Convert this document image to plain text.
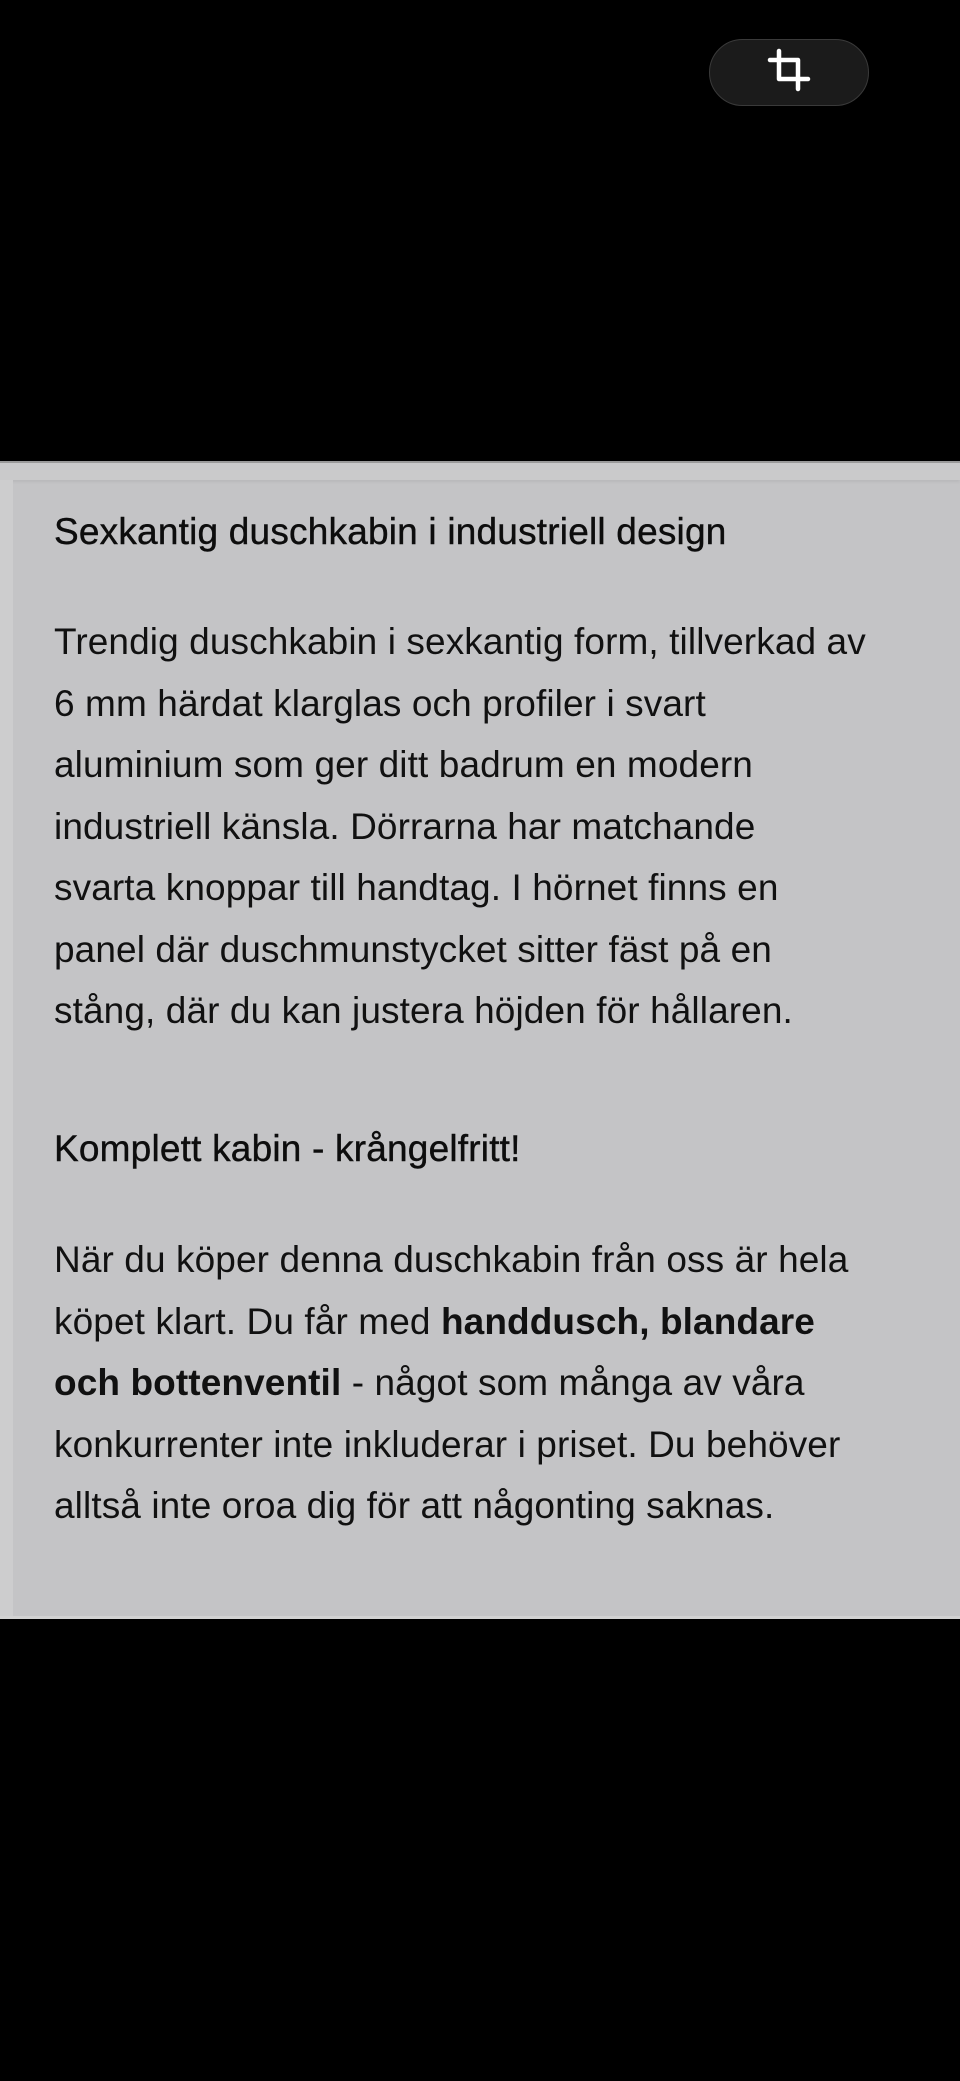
Sexkantig duschkabin i industriell design

Trendig duschkabin i sexkantig form, tillverkad av
6 mm härdat klarglas och profiler i svart
aluminium som ger ditt badrum en modern
industriell känsla. Dörrarna har matchande
svarta knoppar till handtag. I hörnet finns en
panel där duschmunstycket sitter fäst på en
stång, där du kan justera höjden för hållaren.

Komplett kabin - krångelfritt!

När du köper denna duschkabin från oss är hela
köpet klart. Du får med handdusch, blandare
och bottenventil - något som många av våra
konkurrenter inte inkluderar i priset. Du behöver
alltså inte oroa dig för att någonting saknas.
